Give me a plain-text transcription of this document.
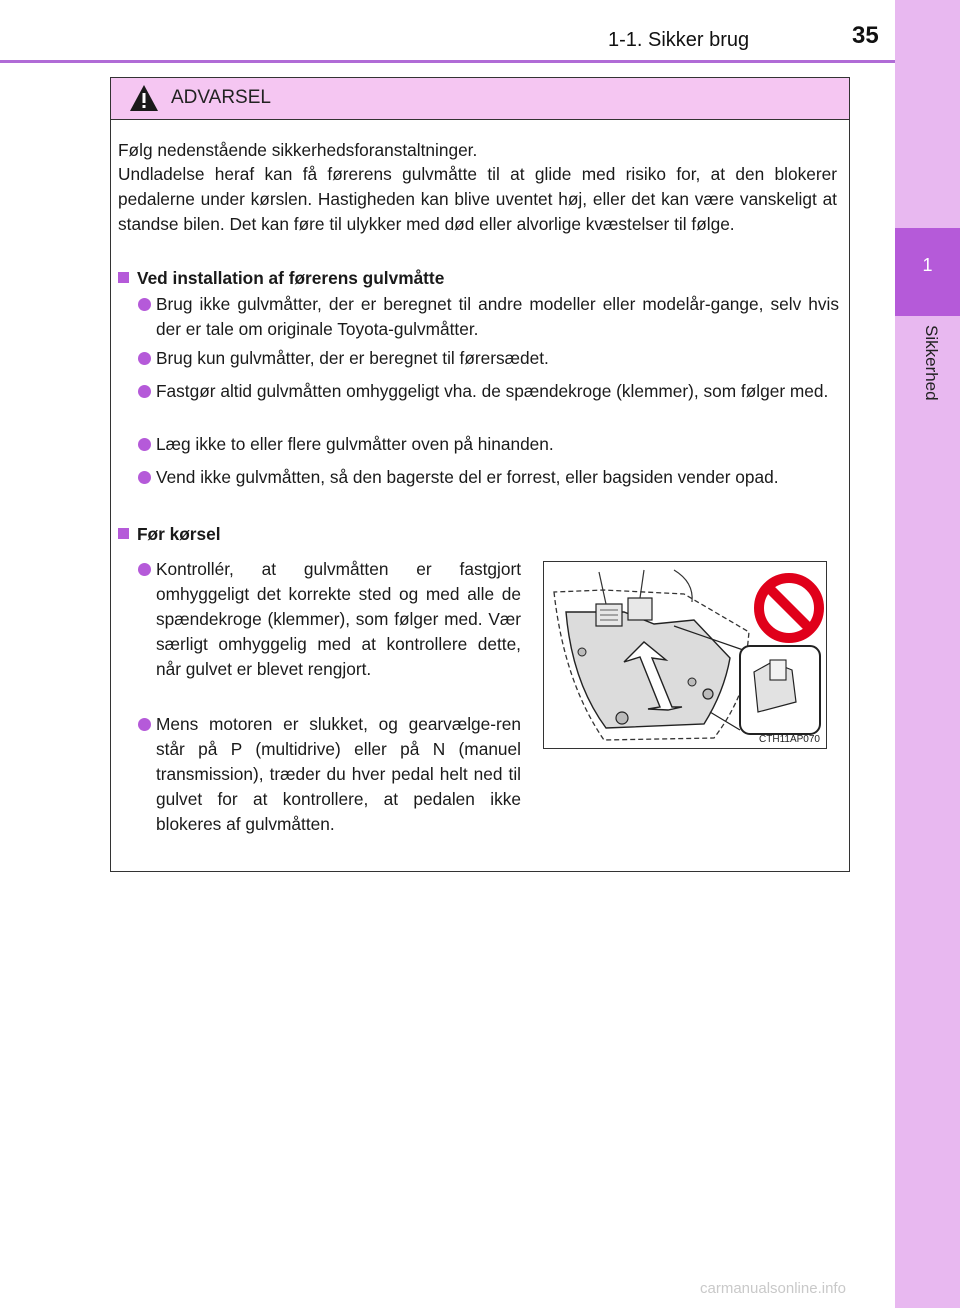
1-1. Sikker brug	35
1
Sikkerhed
ADVARSEL
Følg nedenstående sikkerhedsforanstaltninger.
Undladelse heraf kan få førerens gulvmåtte til at glide med risiko for, at den blokerer pedalerne under kørslen. Hastigheden kan blive uventet høj, eller det kan være vanskeligt at standse bilen. Det kan føre til ulykker med død eller alvorlige kvæstelser til følge.
Ved installation af førerens gulvmåtte
Brug ikke gulvmåtter, der er beregnet til andre modeller eller modelår-gange, selv hvis der er tale om originale Toyota-gulvmåtter.
Brug kun gulvmåtter, der er beregnet til førersædet.
Fastgør altid gulvmåtten omhyggeligt vha. de spændekroge (klemmer), som følger med.
Læg ikke to eller flere gulvmåtter oven på hinanden.
Vend ikke gulvmåtten, så den bagerste del er forrest, eller bagsiden vender opad.
Før kørsel
Kontrollér, at gulvmåtten er fastgjort omhyggeligt det korrekte sted og med alle de spændekroge (klemmer), som følger med. Vær særligt omhyggelig med at kontrollere dette, når gulvet er blevet rengjort.
Mens motoren er slukket, og gearvælge-ren står på P (multidrive) eller på N (manuel transmission), træder du hver pedal helt ned til gulvet for at kontrollere, at pedalen ikke blokeres af gulvmåtten.
CTH11AP070
carmanualsonline.info
